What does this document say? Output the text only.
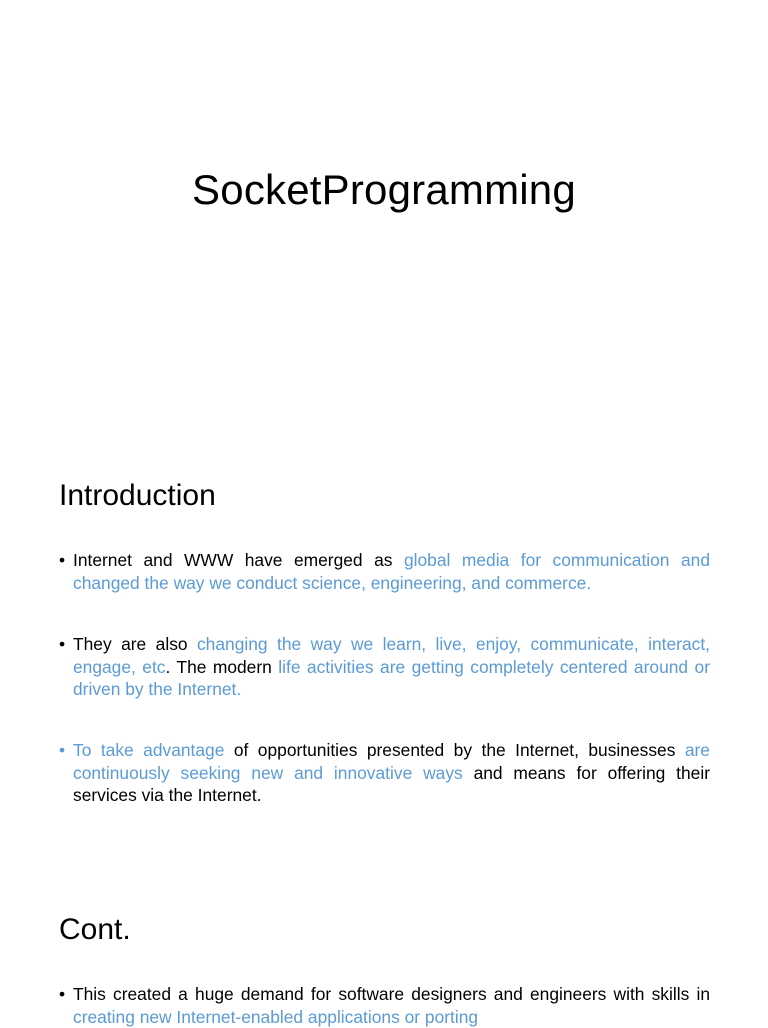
SocketProgramming
Introduction
• Internet and WWW have emerged as global media for communication and changed the way we conduct science, engineering, and commerce.
• They are also changing the way we learn, live, enjoy, communicate, interact, engage, etc. The modern life activities are getting completely centered around or driven by the Internet.
• To take advantage of opportunities presented by the Internet, businesses are continuously seeking new and innovative ways and means for offering their services via the Internet.
Cont.
• This created a huge demand for software designers and engineers with skills in creating new Internet-enabled applications or porting
